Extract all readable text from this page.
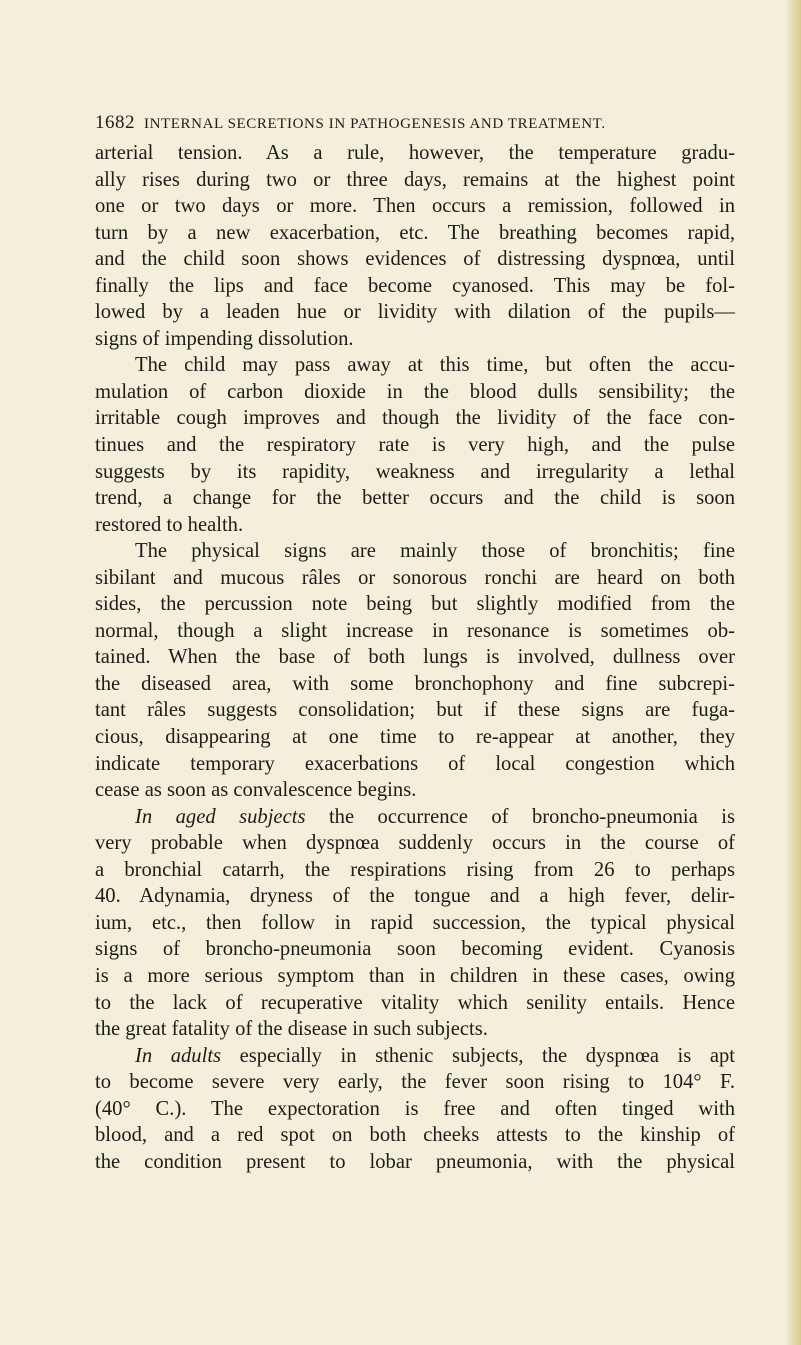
1682 INTERNAL SECRETIONS IN PATHOGENESIS AND TREATMENT.
arterial tension. As a rule, however, the temperature gradu-
ally rises during two or three days, remains at the highest point
one or two days or more. Then occurs a remission, followed in
turn by a new exacerbation, etc. The breathing becomes rapid,
and the child soon shows evidences of distressing dyspnœa, until
finally the lips and face become cyanosed. This may be fol-
lowed by a leaden hue or lividity with dilation of the pupils—
signs of impending dissolution.
The child may pass away at this time, but often the accu-
mulation of carbon dioxide in the blood dulls sensibility; the
irritable cough improves and though the lividity of the face con-
tinues and the respiratory rate is very high, and the pulse
suggests by its rapidity, weakness and irregularity a lethal
trend, a change for the better occurs and the child is soon
restored to health.
The physical signs are mainly those of bronchitis; fine
sibilant and mucous râles or sonorous ronchi are heard on both
sides, the percussion note being but slightly modified from the
normal, though a slight increase in resonance is sometimes ob-
tained. When the base of both lungs is involved, dullness over
the diseased area, with some bronchophony and fine subcrepi-
tant râles suggests consolidation; but if these signs are fuga-
cious, disappearing at one time to re-appear at another, they
indicate temporary exacerbations of local congestion which
cease as soon as convalescence begins.
In aged subjects the occurrence of broncho-pneumonia is
very probable when dyspnœa suddenly occurs in the course of
a bronchial catarrh, the respirations rising from 26 to perhaps
40. Adynamia, dryness of the tongue and a high fever, delir-
ium, etc., then follow in rapid succession, the typical physical
signs of broncho-pneumonia soon becoming evident. Cyanosis
is a more serious symptom than in children in these cases, owing
to the lack of recuperative vitality which senility entails. Hence
the great fatality of the disease in such subjects.
In adults especially in sthenic subjects, the dyspnœa is apt
to become severe very early, the fever soon rising to 104° F.
(40° C.). The expectoration is free and often tinged with
blood, and a red spot on both cheeks attests to the kinship of
the condition present to lobar pneumonia, with the physical
